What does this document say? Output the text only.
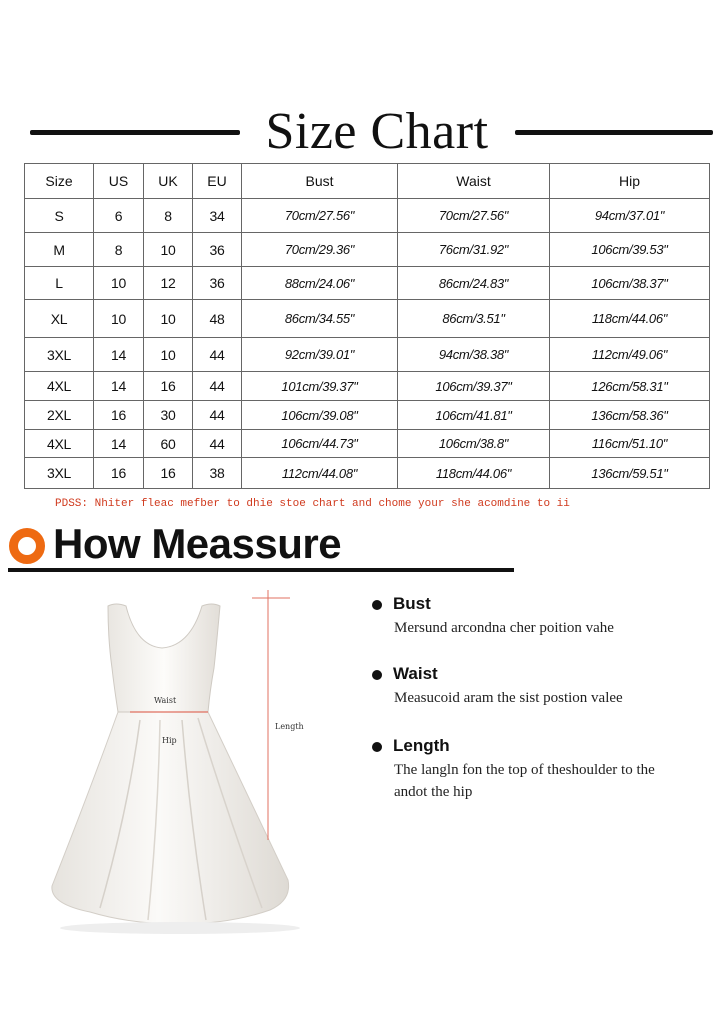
Size Chart
Size	US	UK	EU	Bust	Waist	Hip
S	6	8	34	70cm/27.56"	70cm/27.56"	94cm/37.01"
M	8	10	36	70cm/29.36"	76cm/31.92"	106cm/39.53"
L	10	12	36	88cm/24.06"	86cm/24.83"	106cm/38.37"
XL	10	10	48	86cm/34.55"	86cm/3.51"	118cm/44.06"
3XL	14	10	44	92cm/39.01"	94cm/38.38"	112cm/49.06"
4XL	14	16	44	101cm/39.37"	106cm/39.37"	126cm/58.31"
2XL	16	30	44	106cm/39.08"	106cm/41.81"	136cm/58.36"
4XL	14	60	44	106cm/44.73"	106cm/38.8"	116cm/51.10"
3XL	16	16	38	112cm/44.08"	118cm/44.06"	136cm/59.51"
PDSS: Nhiter fleac mefber to dhie stoe chart and chome your she acomdine to ii
How Meassure
Waist
Hip
Length
Bust
Mersund arcondna cher poition vahe
Waist
Measucoid aram the sist postion valee
Length
The langln fon the top of theshoulder to the andot the hip
